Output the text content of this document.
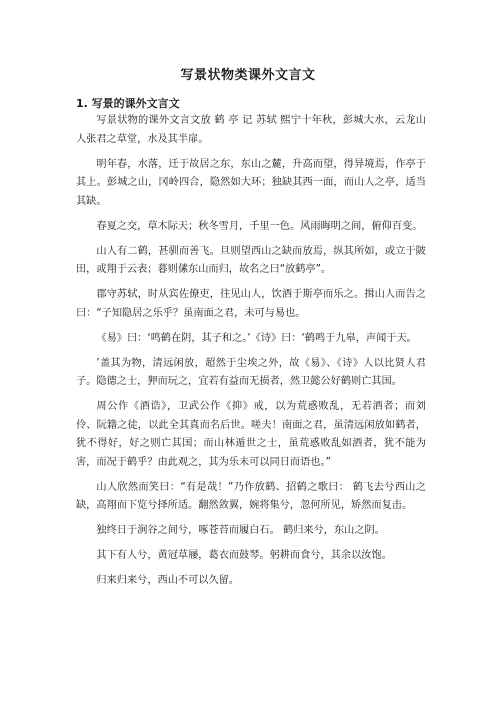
写景状物类课外文言文
1. 写景的课外文言文

写景状物的课外文言文放 鹤 亭 记 苏轼 熙宁十年秋，彭城大水，云龙山人张君之草堂，水及其半扉。

明年春，水落，迁于故居之东，东山之麓，升高而望，得异境焉，作亭于其上。彭城之山，冈岭四合，隐然如大环；独缺其西一面，而山人之亭，适当其缺。

春夏之交，草木际天；秋冬雪月，千里一色。风雨晦明之间，俯仰百变。

山人有二鹤，甚驯而善飞。旦则望西山之缺而放焉，纵其所如，或立于陂田，或翔于云表；暮则傃东山而归，故名之曰“放鹤亭”。

郡守苏轼，时从宾佐僚吏，往见山人，饮酒于斯亭而乐之。揖山人而告之曰：“子知隐居之乐乎？虽南面之君，未可与易也。

《易》曰：‘鸣鹤在阴，其子和之。’《诗》曰：‘鹤鸣于九皋，声闻于天。

’盖其为物，清远闲放，超然于尘埃之外，故《易》、《诗》人以比贤人君子。隐德之士，狎而玩之，宜若有益而无损者，然卫懿公好鹤则亡其国。

周公作《酒诰》，卫武公作《抑》戒，以为荒惑败乱，无若酒者；而刘伶、阮籍之徒，以此全其真而名后世。嗟夫！南面之君，虽清远闲放如鹤者，犹不得好，好之则亡其国；而山林遁世之士，虽荒惑败乱如酒者，犹不能为害，而况于鹤乎？由此观之，其为乐未可以同日而语也。”

山人欣然而笑曰：“有是哉！”乃作放鹤、招鹤之歌曰： 鹤飞去兮西山之缺，高翔而下览兮择所适。翻然敛翼，婉将集兮，忽何所见，矫然而复击。

独终日于涧谷之间兮，啄苍苔而履白石。 鹤归来兮，东山之阴。

其下有人兮，黄冠草屦，葛衣而鼓琴。躬耕而食兮，其余以汝饱。

归来归来兮，西山不可以久留。
